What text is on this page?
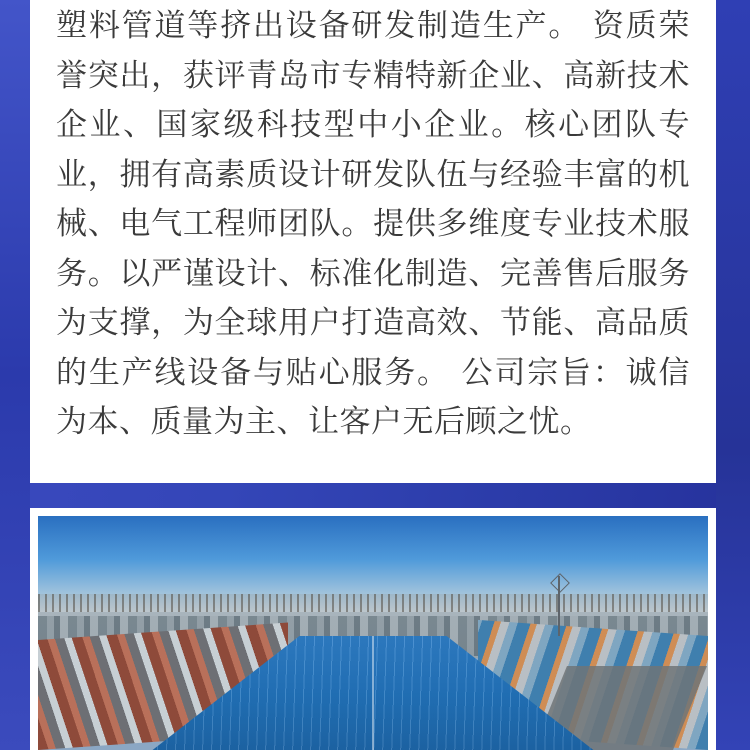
塑料管道等挤出设备研发制造生产。 资质荣誉突出，获评青岛市专精特新企业、高新技术企业、国家级科技型中小企业。核心团队专业，拥有高素质设计研发队伍与经验丰富的机械、电气工程师团队。提供多维度专业技术服务。以严谨设计、标准化制造、完善售后服务为支撑，为全球用户打造高效、节能、高品质的生产线设备与贴心服务。 公司宗旨：诚信为本、质量为主、让客户无后顾之忧。
